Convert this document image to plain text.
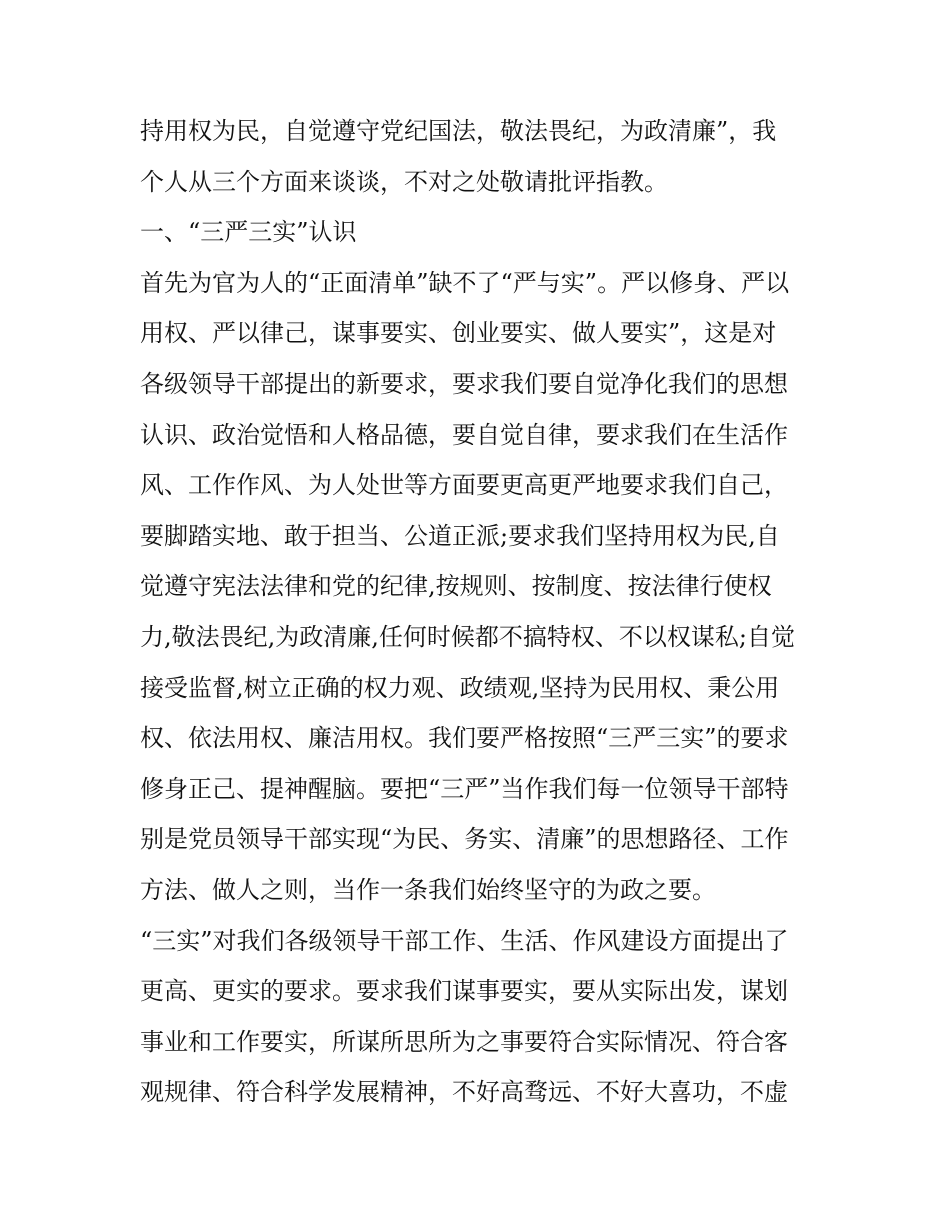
持用权为民，自觉遵守党纪国法，敬法畏纪，为政清廉”，我
个人从三个方面来谈谈，不对之处敬请批评指教。
一、“三严三实”认识
首先为官为人的“正面清单”缺不了“严与实”。严以修身、严以
用权、严以律己，谋事要实、创业要实、做人要实”，这是对
各级领导干部提出的新要求，要求我们要自觉净化我们的思想
认识、政治觉悟和人格品德，要自觉自律，要求我们在生活作
风、工作作风、为人处世等方面要更高更严地要求我们自己，
要脚踏实地、敢于担当、公道正派;要求我们坚持用权为民,自
觉遵守宪法法律和党的纪律,按规则、按制度、按法律行使权
力,敬法畏纪,为政清廉,任何时候都不搞特权、不以权谋私;自觉
接受监督,树立正确的权力观、政绩观,坚持为民用权、秉公用
权、依法用权、廉洁用权。我们要严格按照“三严三实”的要求
修身正己、提神醒脑。要把“三严”当作我们每一位领导干部特
别是党员领导干部实现“为民、务实、清廉”的思想路径、工作
方法、做人之则，当作一条我们始终坚守的为政之要。
“三实”对我们各级领导干部工作、生活、作风建设方面提出了
更高、更实的要求。要求我们谋事要实，要从实际出发，谋划
事业和工作要实，所谋所思所为之事要符合实际情况、符合客
观规律、符合科学发展精神，不好高骛远、不好大喜功，不虚
